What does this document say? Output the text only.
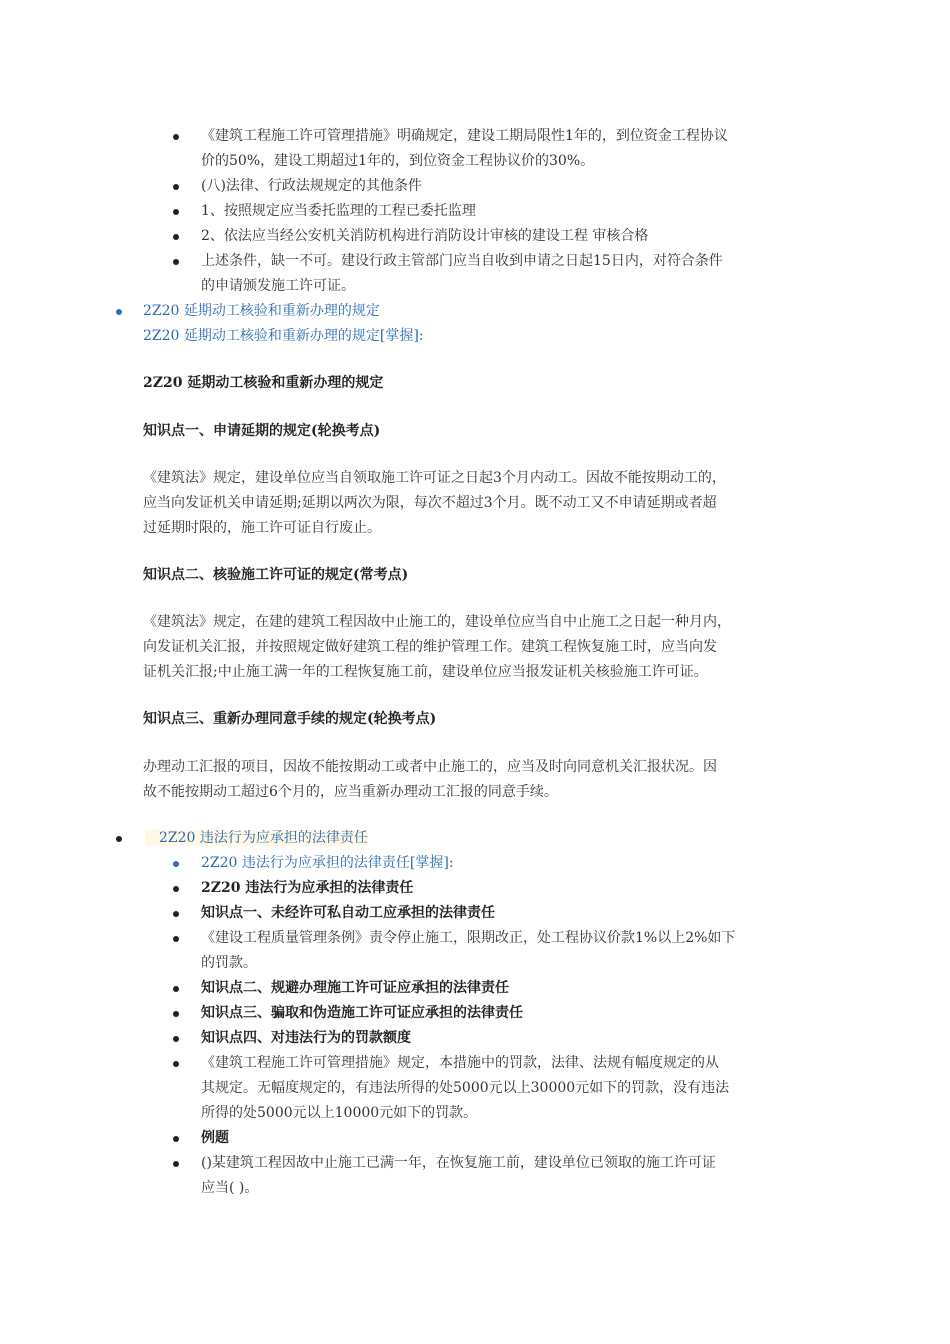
《建筑工程施工许可管理措施》明确规定，建设工期局限性1年的，到位资金工程协议
价的50%，建设工期超过1年的，到位资金工程协议价的30%。
(八)法律、行政法规规定的其他条件
1、按照规定应当委托监理的工程已委托监理
2、依法应当经公安机关消防机构进行消防设计审核的建设工程 审核合格
上述条件，缺一不可。建设行政主管部门应当自收到申请之日起15日内，对符合条件
的申请颁发施工许可证。
2Z20 延期动工核验和重新办理的规定
2Z20 延期动工核验和重新办理的规定[掌握]:
2Z20 延期动工核验和重新办理的规定
知识点一、申请延期的规定(轮换考点)
《建筑法》规定，建设单位应当自领取施工许可证之日起3个月内动工。因故不能按期动工的，
应当向发证机关申请延期;延期以两次为限，每次不超过3个月。既不动工又不申请延期或者超
过延期时限的，施工许可证自行废止。
知识点二、核验施工许可证的规定(常考点)
《建筑法》规定，在建的建筑工程因故中止施工的，建设单位应当自中止施工之日起一种月内，
向发证机关汇报，并按照规定做好建筑工程的维护管理工作。建筑工程恢复施工时，应当向发
证机关汇报;中止施工满一年的工程恢复施工前，建设单位应当报发证机关核验施工许可证。
知识点三、重新办理同意手续的规定(轮换考点)
办理动工汇报的项目，因故不能按期动工或者中止施工的，应当及时向同意机关汇报状况。因
故不能按期动工超过6个月的，应当重新办理动工汇报的同意手续。
2Z20 违法行为应承担的法律责任
2Z20 违法行为应承担的法律责任[掌握]:
2Z20 违法行为应承担的法律责任
知识点一、未经许可私自动工应承担的法律责任
《建设工程质量管理条例》责令停止施工，限期改正，处工程协议价款1%以上2%如下
的罚款。
知识点二、规避办理施工许可证应承担的法律责任
知识点三、骗取和伪造施工许可证应承担的法律责任
知识点四、对违法行为的罚款额度
《建筑工程施工许可管理措施》规定，本措施中的罚款，法律、法规有幅度规定的从
其规定。无幅度规定的，有违法所得的处5000元以上30000元如下的罚款，没有违法
所得的处5000元以上10000元如下的罚款。
例题
()某建筑工程因故中止施工已满一年，在恢复施工前，建设单位已领取的施工许可证
应当( )。
